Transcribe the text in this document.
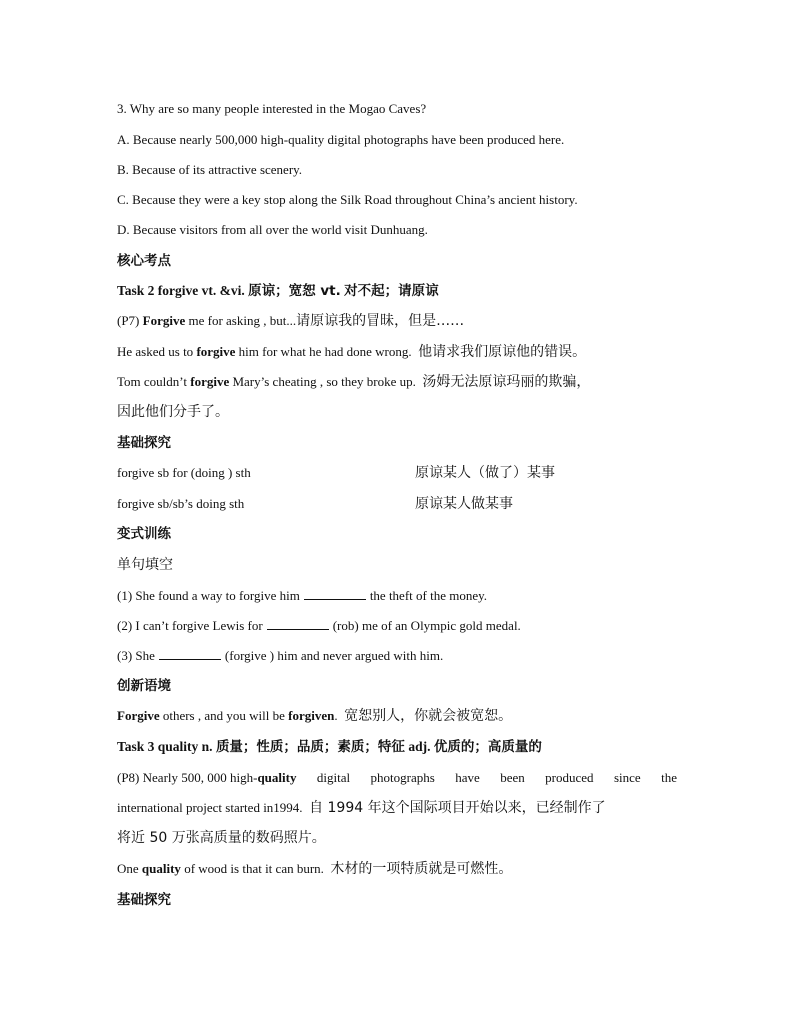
3. Why are so many people interested in the Mogao Caves?
A. Because nearly 500,000 high-quality digital photographs have been produced here.
B. Because of its attractive scenery.
C. Because they were a key stop along the Silk Road throughout China’s ancient history.
D. Because visitors from all over the world visit Dunhuang.
核心考点
Task 2 forgive vt. &vi. 原谅；宽恕 vt. 对不起；请原谅
(P7) Forgive me for asking , but...请原谅我的冒昧，但是……
He asked us to forgive him for what he had done wrong. 他请求我们原谅他的错误。
Tom couldn’t forgive Mary’s cheating , so they broke up. 汤姆无法原谅玛丽的欺骗，
因此他们分手了。
基础探究
forgive sb for (doing ) sth	原谅某人（做了）某事
forgive sb/sb’s doing sth	原谅某人做某事
变式训练
单句填空
(1) She found a way to forgive him	the theft of the money.
(2) I can’t forgive Lewis for	(rob) me of an Olympic gold medal.
(3) She	(forgive ) him and never argued with him.
创新语境
Forgive others , and you will be forgiven. 宽恕别人，你就会被宽恕。
Task 3 quality n. 质量；性质；品质；素质；特征 adj. 优质的；高质量的
(P8) Nearly 500, 000 high-quality digital photographs have been produced since the
international project started in1994. 自 1994 年这个国际项目开始以来，已经制作了
将近 50 万张高质量的数码照片。
One quality of wood is that it can burn. 木材的一项特质就是可燃性。
基础探究
